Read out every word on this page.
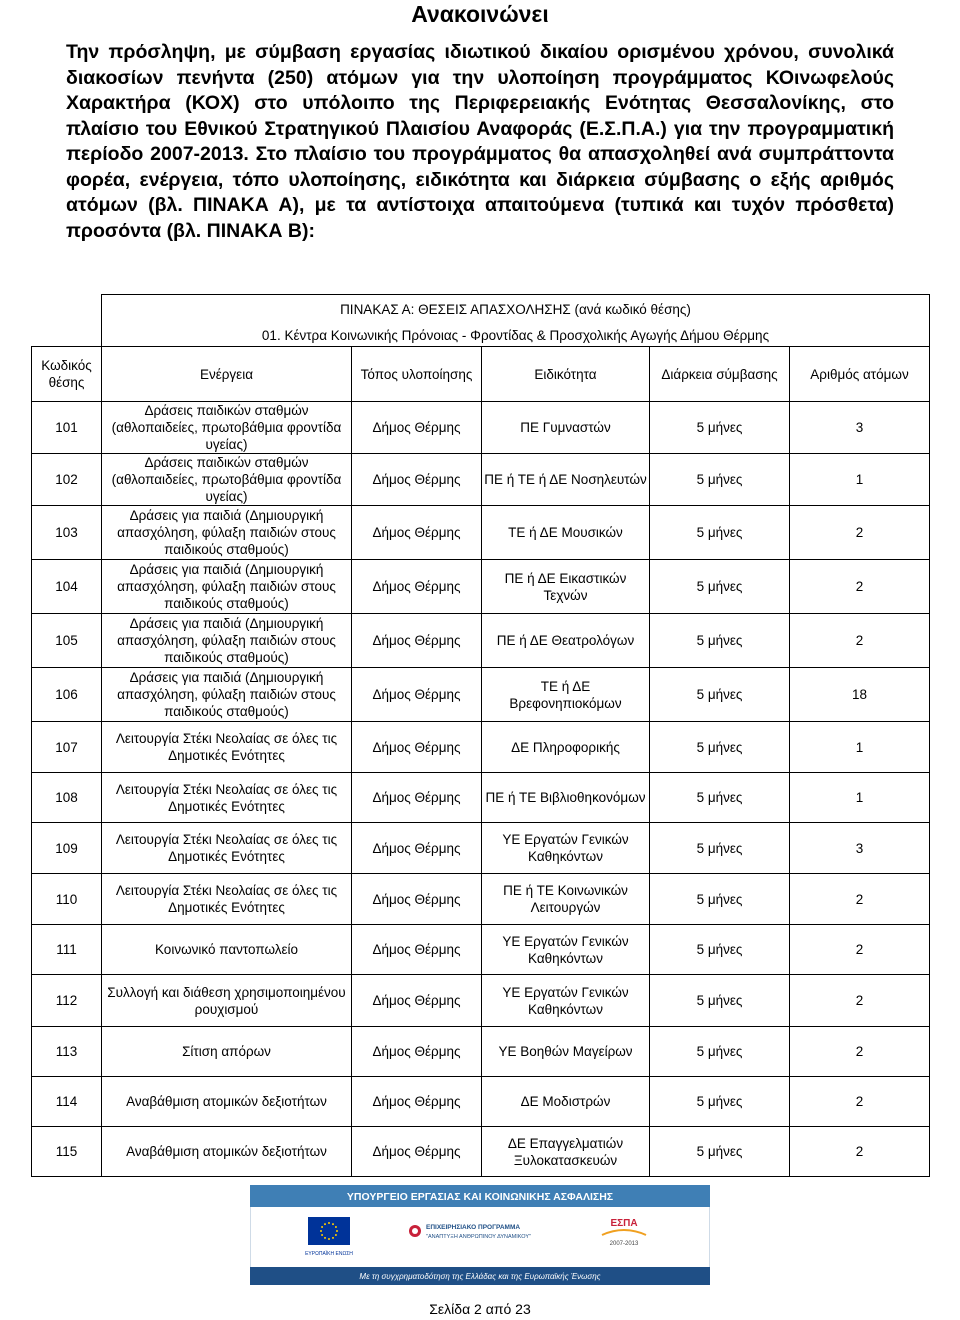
Ανακοινώνει
Την πρόσληψη, με σύμβαση εργασίας ιδιωτικού δικαίου ορισμένου χρόνου, συνολικά διακοσίων πενήντα (250) ατόμων για την υλοποίηση προγράμματος ΚΟινωφελούς Χαρακτήρα (ΚΟΧ) στο υπόλοιπο της Περιφερειακής Ενότητας Θεσσαλονίκης, στο πλαίσιο του Εθνικού Στρατηγικού Πλαισίου Αναφοράς (Ε.Σ.Π.Α.) για την προγραμματική περίοδο 2007-2013. Στο πλαίσιο του προγράμματος θα απασχοληθεί ανά συμπράττοντα φορέα, ενέργεια, τόπο υλοποίησης, ειδικότητα και διάρκεια σύμβασης ο εξής αριθμός ατόμων (βλ. ΠΙΝΑΚΑ Α), με τα αντίστοιχα απαιτούμενα (τυπικά και τυχόν πρόσθετα) προσόντα (βλ. ΠΙΝΑΚΑ Β):
	ΠΙΝΑΚΑΣ Α: ΘΕΣΕΙΣ ΑΠΑΣΧΟΛΗΣΗΣ (ανά κωδικό θέσης)				
	01. Κέντρα Κοινωνικής Πρόνοιας - Φροντίδας & Προσχολικής Αγωγής Δήμου Θέρμης				
Κωδικός θέσης	Ενέργεια	Τόπος υλοποίησης	Ειδικότητα	Διάρκεια σύμβασης	Αριθμός ατόμων
101	Δράσεις παιδικών σταθμών (αθλοπαιδείες, πρωτοβάθμια φροντίδα υγείας)	Δήμος Θέρμης	ΠΕ Γυμναστών	5 μήνες	3
102	Δράσεις παιδικών σταθμών (αθλοπαιδείες, πρωτοβάθμια φροντίδα υγείας)	Δήμος Θέρμης	ΠΕ ή ΤΕ ή ΔΕ Νοσηλευτών	5 μήνες	1
103	Δράσεις για παιδιά (Δημιουργική απασχόληση, φύλαξη παιδιών στους παιδικούς σταθμούς)	Δήμος Θέρμης	ΤΕ ή ΔΕ Μουσικών	5 μήνες	2
104	Δράσεις για παιδιά (Δημιουργική απασχόληση, φύλαξη παιδιών στους παιδικούς σταθμούς)	Δήμος Θέρμης	ΠΕ ή ΔΕ Εικαστικών Τεχνών	5 μήνες	2
105	Δράσεις για παιδιά (Δημιουργική απασχόληση, φύλαξη παιδιών στους παιδικούς σταθμούς)	Δήμος Θέρμης	ΠΕ ή ΔΕ Θεατρολόγων	5 μήνες	2
106	Δράσεις για παιδιά (Δημιουργική απασχόληση, φύλαξη παιδιών στους παιδικούς σταθμούς)	Δήμος Θέρμης	ΤΕ ή ΔΕ Βρεφονηπιοκόμων	5 μήνες	18
107	Λειτουργία Στέκι Νεολαίας σε όλες τις Δημοτικές Ενότητες	Δήμος Θέρμης	ΔΕ Πληροφορικής	5 μήνες	1
108	Λειτουργία Στέκι Νεολαίας σε όλες τις Δημοτικές Ενότητες	Δήμος Θέρμης	ΠΕ ή ΤΕ Βιβλιοθηκονόμων	5 μήνες	1
109	Λειτουργία Στέκι Νεολαίας σε όλες τις Δημοτικές Ενότητες	Δήμος Θέρμης	ΥΕ Εργατών Γενικών Καθηκόντων	5 μήνες	3
110	Λειτουργία Στέκι Νεολαίας σε όλες τις Δημοτικές Ενότητες	Δήμος Θέρμης	ΠΕ ή ΤΕ Κοινωνικών Λειτουργών	5 μήνες	2
111	Κοινωνικό παντοπωλείο	Δήμος Θέρμης	ΥΕ Εργατών Γενικών Καθηκόντων	5 μήνες	2
112	Συλλογή και διάθεση χρησιμοποιημένου ρουχισμού	Δήμος Θέρμης	ΥΕ Εργατών Γενικών Καθηκόντων	5 μήνες	2
113	Σίτιση απόρων	Δήμος Θέρμης	ΥΕ Βοηθών Μαγείρων	5 μήνες	2
114	Αναβάθμιση ατομικών δεξιοτήτων	Δήμος Θέρμης	ΔΕ Μοδιστρών	5 μήνες	2
115	Αναβάθμιση ατομικών δεξιοτήτων	Δήμος Θέρμης	ΔΕ Επαγγελματιών Ξυλοκατασκευών	5 μήνες	2
ΥΠΟΥΡΓΕΙΟ ΕΡΓΑΣΙΑΣ ΚΑΙ ΚΟΙΝΩΝΙΚΗΣ ΑΣΦΑΛΙΣΗΣ
ΕΥΡΩΠΑΪΚΗ ΕΝΩΣΗ
ΕΠΙΧΕΙΡΗΣΙΑΚΟ ΠΡΟΓΡΑΜΜΑ
"ΑΝΑΠΤΥΞΗ ΑΝΘΡΩΠΙΝΟΥ ΔΥΝΑΜΙΚΟΥ"
ΕΣΠΑ
2007-2013
Με τη συγχρηματοδότηση της Ελλάδας και της Ευρωπαϊκής Ένωσης
Σελίδα 2 από 23
